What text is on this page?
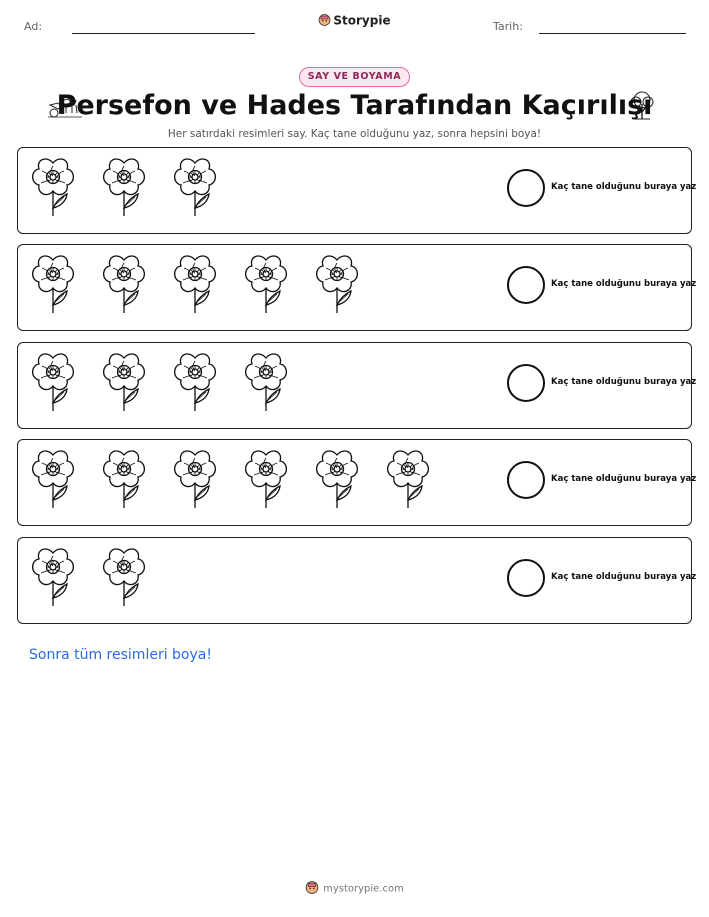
Ad:	Tarih:
Storypie
SAY VE BOYAMA
Persefon ve Hades Tarafından Kaçırılışı
Her satırdaki resimleri say. Kaç tane olduğunu yaz, sonra hepsini boya!
Kaç tane olduğunu buraya yaz
Kaç tane olduğunu buraya yaz
Kaç tane olduğunu buraya yaz
Kaç tane olduğunu buraya yaz
Kaç tane olduğunu buraya yaz
Sonra tüm resimleri boya!
mystorypie.com
